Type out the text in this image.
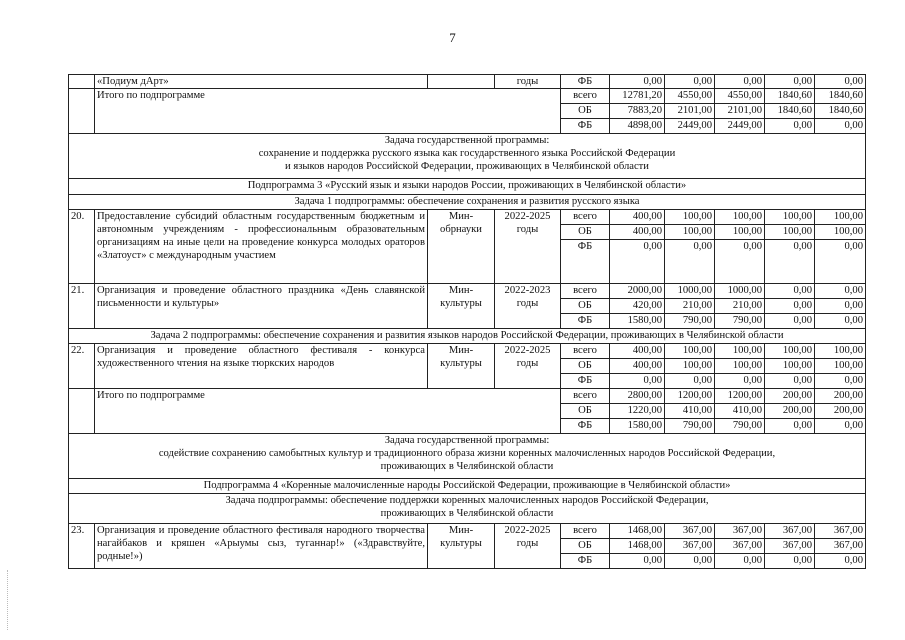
7
	«Подиум дАрт»		годы	ФБ	0,00	0,00	0,00	0,00	0,00
	Итого по подпрограмме			всего	12781,20	4550,00	4550,00	1840,60	1840,60
				ОБ	7883,20	2101,00	2101,00	1840,60	1840,60
				ФБ	4898,00	2449,00	2449,00	0,00	0,00

Задача государственной программы:
сохранение и поддержка русского языка как государственного языка Российской Федерации
и языков народов Российской Федерации, проживающих в Челябинской области									

Подпрограмма 3 «Русский язык и языки народов России, проживающих в Челябинской области»									
Задача 1 подпрограммы: обеспечение сохранения и развития русского языка									
20.	Предоставление субсидий областным государственным бюджетным и автономным учреждениям - профессиональным образовательным организациям на иные цели на проведение конкурса молодых ораторов «Златоуст» с международным участием	Мин-обрнауки	2022-2025 годы	всего	400,00	100,00	100,00	100,00	100,00
				ОБ	400,00	100,00	100,00	100,00	100,00
				ФБ	0,00	0,00	0,00	0,00	0,00
21.	Организация и проведение областного праздника «День славянской письменности и культуры»	Мин-культуры	2022-2023 годы	всего	2000,00	1000,00	1000,00	0,00	0,00
				ОБ	420,00	210,00	210,00	0,00	0,00
				ФБ	1580,00	790,00	790,00	0,00	0,00
Задача 2 подпрограммы: обеспечение сохранения и развития языков народов Российской Федерации, проживающих в Челябинской области									
22.	Организация и проведение областного фестиваля - конкурса художественного чтения на языке тюркских народов	Мин-культуры	2022-2025 годы	всего	400,00	100,00	100,00	100,00	100,00
				ОБ	400,00	100,00	100,00	100,00	100,00
				ФБ	0,00	0,00	0,00	0,00	0,00
	Итого по подпрограмме			всего	2800,00	1200,00	1200,00	200,00	200,00
				ОБ	1220,00	410,00	410,00	200,00	200,00
				ФБ	1580,00	790,00	790,00	0,00	0,00

Задача государственной программы:
содействие сохранению самобытных культур и традиционного образа жизни коренных малочисленных народов Российской Федерации,
проживающих в Челябинской области									

Подпрограмма 4 «Коренные малочисленные народы Российской Федерации, проживающие в Челябинской области»									

Задача подпрограммы: обеспечение поддержки коренных малочисленных народов Российской Федерации,
проживающих в Челябинской области									

23.	Организация и проведение областного фестиваля народного творчества нагайбаков и кряшен «Арыумы сыз, туганнар!» («Здравствуйте, родные!»)	Мин-культуры	2022-2025 годы	всего	1468,00	367,00	367,00	367,00	367,00
				ОБ	1468,00	367,00	367,00	367,00	367,00
				ФБ	0,00	0,00	0,00	0,00	0,00
